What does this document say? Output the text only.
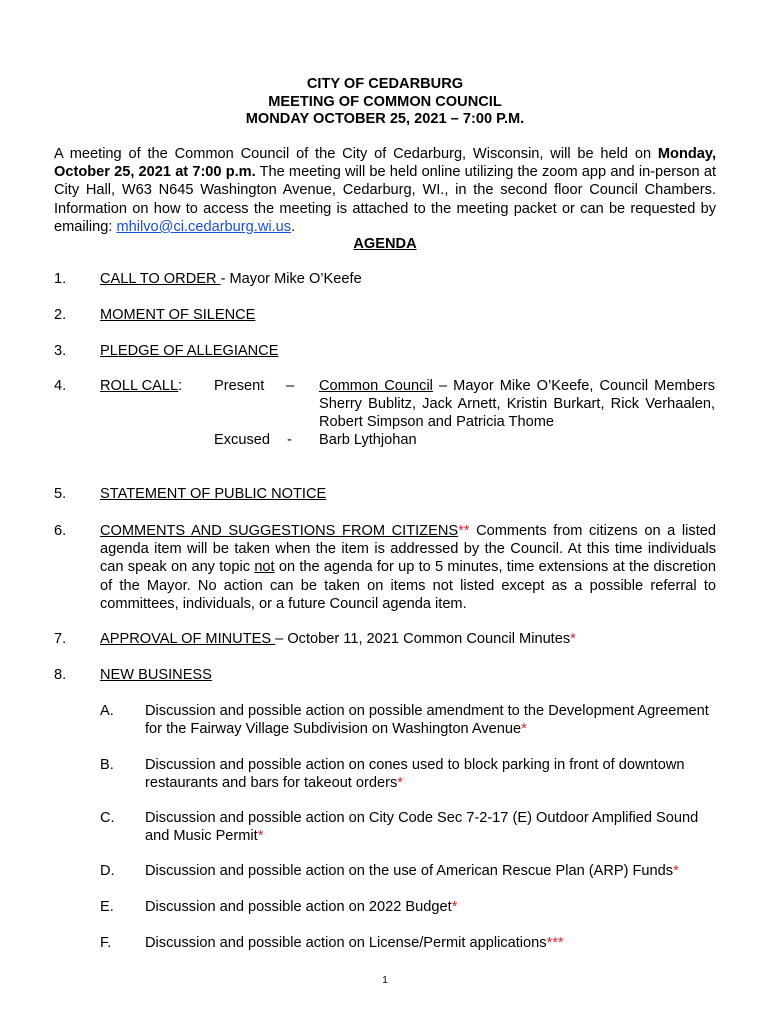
CITY OF CEDARBURG
MEETING OF COMMON COUNCIL
MONDAY OCTOBER 25, 2021 – 7:00 P.M.
A meeting of the Common Council of the City of Cedarburg, Wisconsin, will be held on Monday, October 25, 2021 at 7:00 p.m. The meeting will be held online utilizing the zoom app and in-person at City Hall, W63 N645 Washington Avenue, Cedarburg, WI., in the second floor Council Chambers. Information on how to access the meeting is attached to the meeting packet or can be requested by emailing: mhilvo@ci.cedarburg.wi.us.
AGENDA
1. CALL TO ORDER - Mayor Mike O’Keefe
2. MOMENT OF SILENCE
3. PLEDGE OF ALLEGIANCE
4. ROLL CALL: Present – Common Council – Mayor Mike O’Keefe, Council Members Sherry Bublitz, Jack Arnett, Kristin Burkart, Rick Verhaalen, Robert Simpson and Patricia Thome
Excused - Barb Lythjohan
5. STATEMENT OF PUBLIC NOTICE
6. COMMENTS AND SUGGESTIONS FROM CITIZENS** Comments from citizens on a listed agenda item will be taken when the item is addressed by the Council. At this time individuals can speak on any topic not on the agenda for up to 5 minutes, time extensions at the discretion of the Mayor. No action can be taken on items not listed except as a possible referral to committees, individuals, or a future Council agenda item.
7. APPROVAL OF MINUTES – October 11, 2021 Common Council Minutes*
8. NEW BUSINESS
A. Discussion and possible action on possible amendment to the Development Agreement for the Fairway Village Subdivision on Washington Avenue*
B. Discussion and possible action on cones used to block parking in front of downtown restaurants and bars for takeout orders*
C. Discussion and possible action on City Code Sec 7-2-17 (E) Outdoor Amplified Sound and Music Permit*
D. Discussion and possible action on the use of American Rescue Plan (ARP) Funds*
E. Discussion and possible action on 2022 Budget*
F. Discussion and possible action on License/Permit applications***
1
